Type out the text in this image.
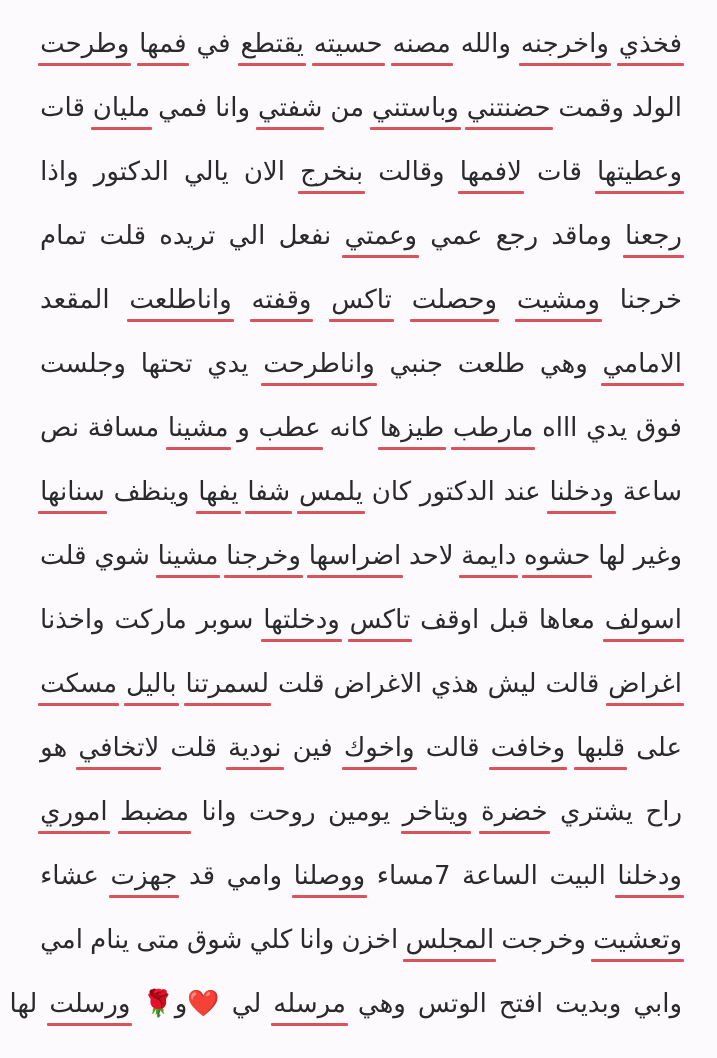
فخذي
واخرجنه
والله
مصنه
حسيته
يقتطع
في
فمها
وطرحت
الولد
وقمت
حضنتني
وباستني
من
شفتي
وانا
فمي
مليان
قات
وعطيتها
قات
لافمها
وقالت
بنخرج
الان
يالي
الدكتور
واذا
رجعنا
وماقد
رجع
عمي
وعمتي
نفعل
الي
تريده
قلت
تمام
خرجنا
ومشيت
وحصلت
تاكس
وقفته
واناطلعت
المقعد
الامامي
وهي
طلعت
جنبي
واناطرحت
يدي
تحتها
وجلست
فوق
يدي
اااه
مارطب
طيزها
كانه
عطب
و
مشينا
مسافة
نص
ساعة
ودخلنا
عند
الدكتور
كان
يلمس
شفا
يفها
وينظف
سنانها
وغير
لها
حشوه
دايمة
لاحد
اضراسها
وخرجنا
مشينا
شوي
قلت
اسولف
معاها
قبل
اوقف
تاكس
ودخلتها
سوبر
ماركت
واخذنا
اغراض
قالت
ليش
هذي
الاغراض
قلت
لسمرتنا
باليل
مسكت
على
قلبها
وخافت
قالت
واخوك
فين
نودية
قلت
لاتخافي
هو
راح
يشتري
خضرة
ويتاخر
يومين
روحت
وانا
مضبط
اموري
ودخلنا
البيت
الساعة
7مساء
ووصلنا
وامي
قد
جهزت
عشاء
وتعشيت
وخرجت
المجلس
اخزن
وانا
كلي
شوق
متى
ينام
امي
وابي
وبديت
افتح
الوتس
وهي
مرسله
لي
❤️و🌹
ورسلت
لها
